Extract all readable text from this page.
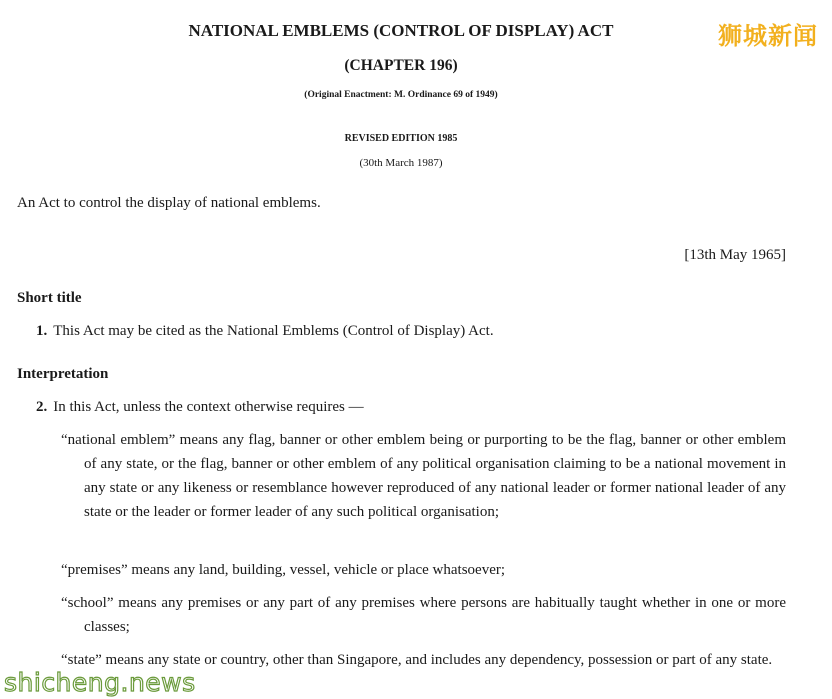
狮城新闻
NATIONAL EMBLEMS (CONTROL OF DISPLAY) ACT
(CHAPTER 196)
(Original Enactment: M. Ordinance 69 of 1949)
REVISED EDITION 1985
(30th March 1987)
An Act to control the display of national emblems.
[13th May 1965]
Short title
1. This Act may be cited as the National Emblems (Control of Display) Act.
Interpretation
2. In this Act, unless the context otherwise requires —
“national emblem” means any flag, banner or other emblem being or purporting to be the flag, banner or other emblem of any state, or the flag, banner or other emblem of any political organisation claiming to be a national movement in any state or any likeness or resemblance however reproduced of any national leader or former national leader of any state or the leader or former leader of any such political organisation;
“premises” means any land, building, vessel, vehicle or place whatsoever;
“school” means any premises or any part of any premises where persons are habitually taught whether in one or more classes;
“state” means any state or country, other than Singapore, and includes any dependency, possession or part of any state.
shicheng.news
